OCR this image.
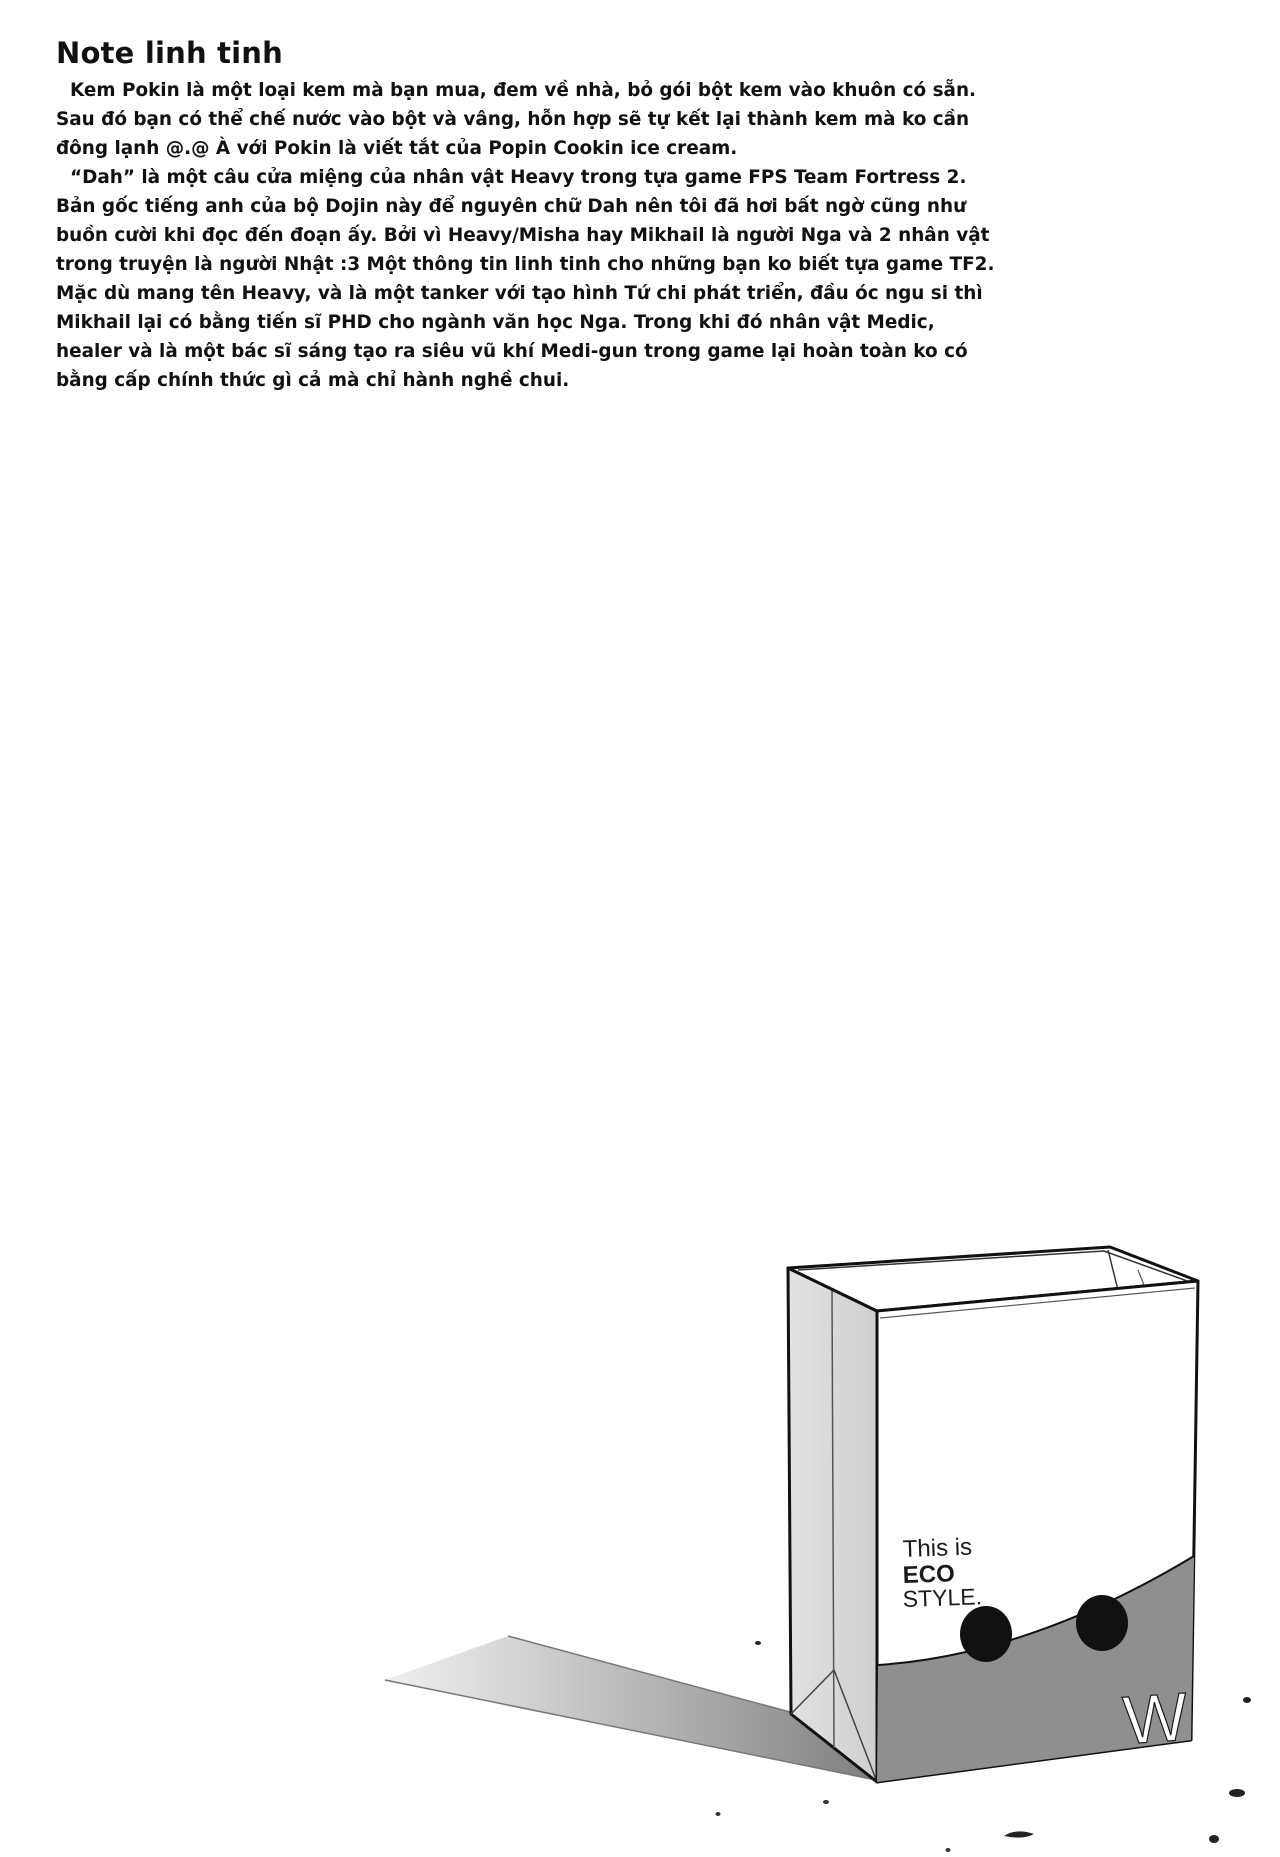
Note linh tinh
Kem Pokin là một loại kem mà bạn mua, đem về nhà, bỏ gói bột kem vào khuôn có sẵn.
Sau đó bạn có thể chế nước vào bột và vâng, hỗn hợp sẽ tự kết lại thành kem mà ko cần
đông lạnh @.@ À với Pokin là viết tắt của Popin Cookin ice cream.
“Dah” là một câu cửa miệng của nhân vật Heavy trong tựa game FPS Team Fortress 2.
Bản gốc tiếng anh của bộ Dojin này để nguyên chữ Dah nên tôi đã hơi bất ngờ cũng như
buồn cười khi đọc đến đoạn ấy. Bởi vì Heavy/Misha hay Mikhail là người Nga và 2 nhân vật
trong truyện là người Nhật :3 Một thông tin linh tinh cho những bạn ko biết tựa game TF2.
Mặc dù mang tên Heavy, và là một tanker với tạo hình Tứ chi phát triển, đầu óc ngu si thì
Mikhail lại có bằng tiến sĩ PHD cho ngành văn học Nga. Trong khi đó nhân vật Medic,
healer và là một bác sĩ sáng tạo ra siêu vũ khí Medi-gun trong game lại hoàn toàn ko có
bằng cấp chính thức gì cả mà chỉ hành nghề chui.
This is
ECO
STYLE.
W
